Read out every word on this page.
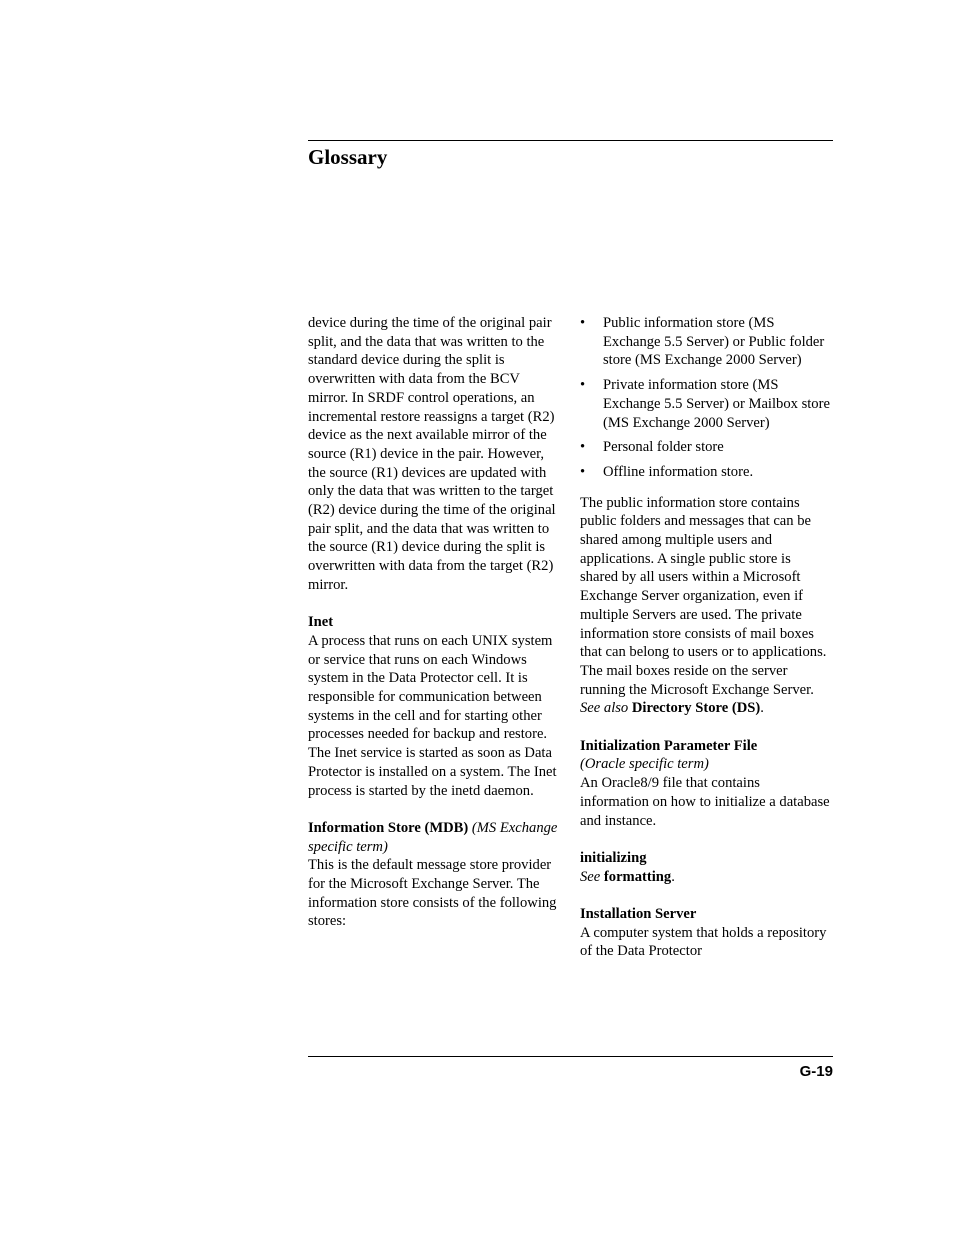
Glossary

device during the time of the original pair split, and the data that was written to the standard device during the split is overwritten with data from the BCV mirror. In SRDF control operations, an incremental restore reassigns a target (R2) device as the next available mirror of the source (R1) device in the pair. However, the source (R1) devices are updated with only the data that was written to the target (R2) device during the time of the original pair split, and the data that was written to the source (R1) device during the split is overwritten with data from the target (R2) mirror.

Inet

A process that runs on each UNIX system or service that runs on each Windows system in the Data Protector cell. It is responsible for communication between systems in the cell and for starting other processes needed for backup and restore. The Inet service is started as soon as Data Protector is installed on a system. The Inet process is started by the inetd daemon.

Information Store (MDB) (MS Exchange specific term)

This is the default message store provider for the Microsoft Exchange Server. The information store consists of the following stores:

• Public information store (MS Exchange 5.5 Server) or Public folder store (MS Exchange 2000 Server)
• Private information store (MS Exchange 5.5 Server) or Mailbox store (MS Exchange 2000 Server)
• Personal folder store
• Offline information store.

The public information store contains public folders and messages that can be shared among multiple users and applications. A single public store is shared by all users within a Microsoft Exchange Server organization, even if multiple Servers are used. The private information store consists of mail boxes that can belong to users or to applications. The mail boxes reside on the server running the Microsoft Exchange Server.

See also Directory Store (DS).

Initialization Parameter File

(Oracle specific term)

An Oracle8/9 file that contains information on how to initialize a database and instance.

initializing

See formatting.

Installation Server

A computer system that holds a repository of the Data Protector

G-19
